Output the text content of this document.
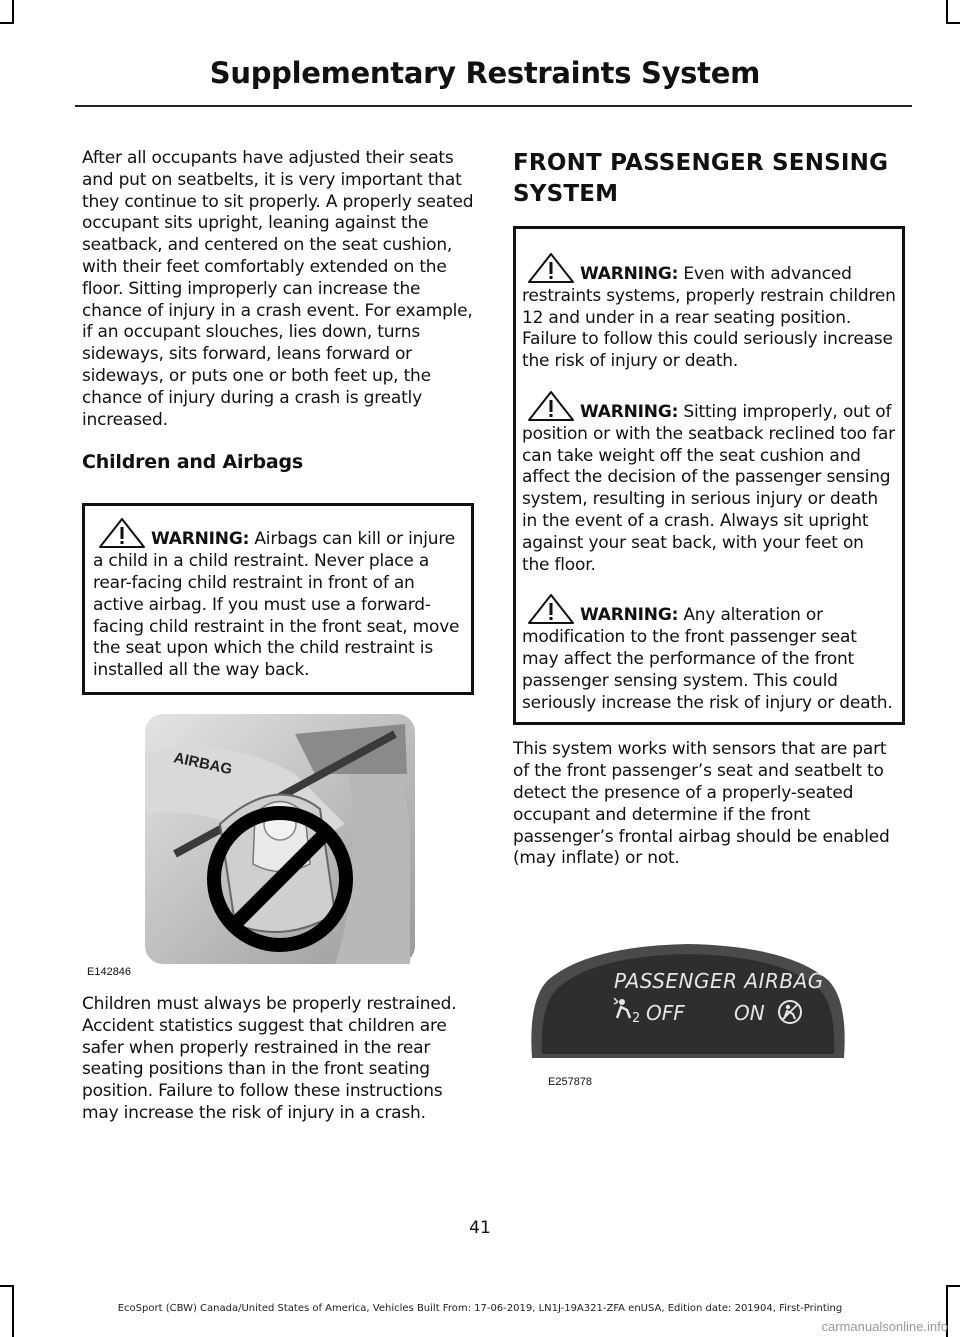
Supplementary Restraints System

After all occupants have adjusted their seats and put on seatbelts, it is very important that they continue to sit properly. A properly seated occupant sits upright, leaning against the seatback, and centered on the seat cushion, with their feet comfortably extended on the floor. Sitting improperly can increase the chance of injury in a crash event. For example, if an occupant slouches, lies down, turns sideways, sits forward, leans forward or sideways, or puts one or both feet up, the chance of injury during a crash is greatly increased.

Children and Airbags

WARNING: Airbags can kill or injure a child in a child restraint. Never place a rear-facing child restraint in front of an active airbag. If you must use a forward-facing child restraint in the front seat, move the seat upon which the child restraint is installed all the way back.

AIRBAG
E142846

Children must always be properly restrained. Accident statistics suggest that children are safer when properly restrained in the rear seating positions than in the front seating position. Failure to follow these instructions may increase the risk of injury in a crash.

FRONT PASSENGER SENSING SYSTEM

WARNING: Even with advanced restraints systems, properly restrain children 12 and under in a rear seating position. Failure to follow this could seriously increase the risk of injury or death.

WARNING: Sitting improperly, out of position or with the seatback reclined too far can take weight off the seat cushion and affect the decision of the passenger sensing system, resulting in serious injury or death in the event of a crash. Always sit upright against your seat back, with your feet on the floor.

WARNING: Any alteration or modification to the front passenger seat may affect the performance of the front passenger sensing system. This could seriously increase the risk of injury or death.

This system works with sensors that are part of the front passenger’s seat and seatbelt to detect the presence of a properly-seated occupant and determine if the front passenger’s frontal airbag should be enabled (may inflate) or not.

PASSENGER AIRBAG
2 OFF ON
E257878
41
EcoSport (CBW) Canada/United States of America, Vehicles Built From: 17-06-2019, LN1J-19A321-ZFA enUSA, Edition date: 201904, First-Printing
carmanualsonline.info
